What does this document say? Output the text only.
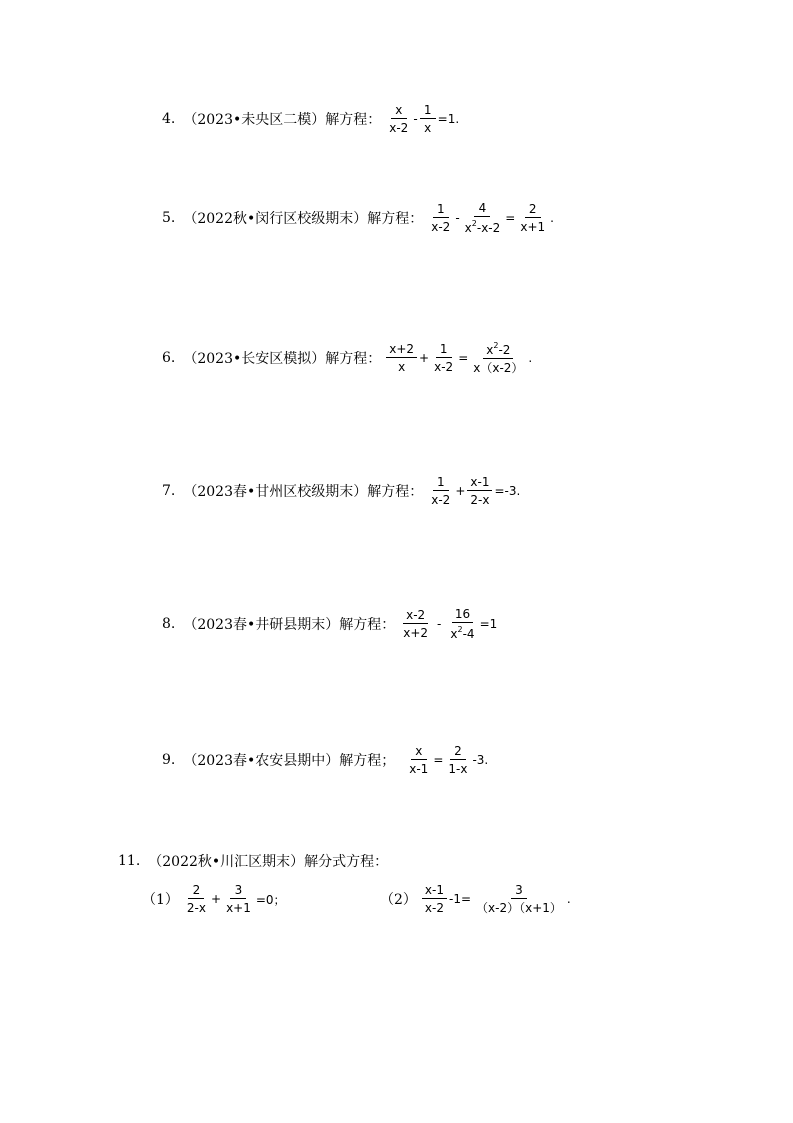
4. （2023•未央区二模）解方程 ： $\frac{x}{x-2} - \frac{1}{x} =1$.
5. （2022秋•闵行区校级期末）解方程 ： $\frac{1}{x-2} - \frac{4}{x^2-x-2} = \frac{2}{x+1}$ .
6. （2023•长安区模拟）解方程 ： $\frac{x+2}{x} + \frac{1}{x-2} = \frac{x^2-2}{x(x-2)}$ .
7. （2023春•甘州区校级期末）解方程 ： $\frac{1}{x-2} + \frac{x-1}{2-x} =-3$.
8. （2023春•井研县期末）解方程 ： $\frac{x-2}{x+2} - \frac{16}{x^2-4} =1$
9. （2023春•农安县期中）解方程 ； $\frac{x}{x-1} = \frac{2}{1-x} -3$.
11. （2022秋•川汇区期末）解分式方程 ：
$(1) \frac{2}{2-x} + \frac{3}{x+1} =0$；	$(2) \frac{x-1}{x-2} -1= \frac{3}{(x-2)(x+1)}$ .
